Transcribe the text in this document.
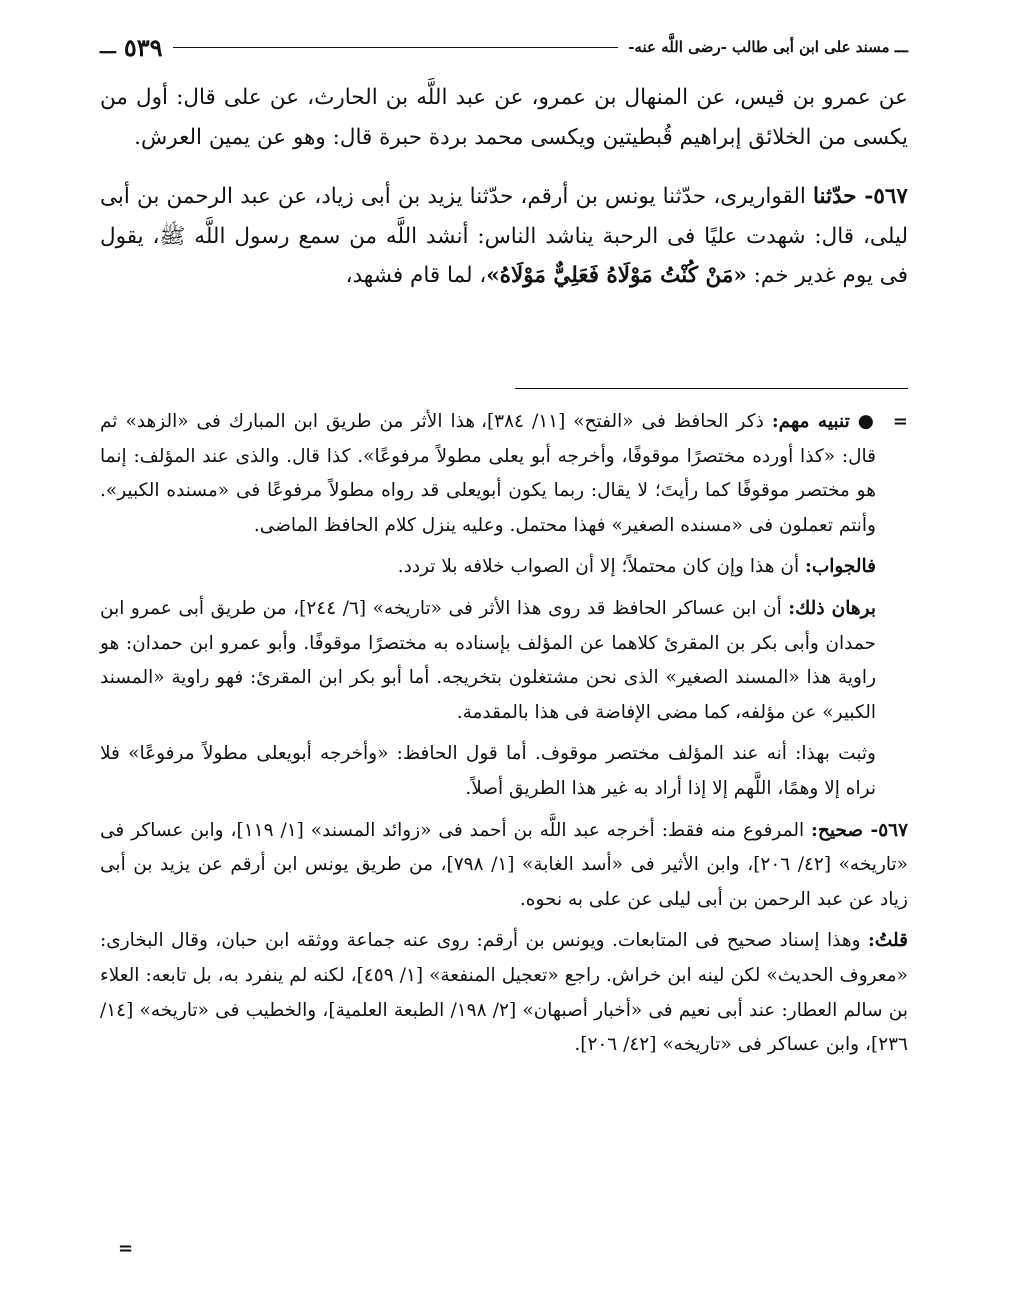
ـــ مسند على ابن أبى طالب -رضى اللَّه عنه-
٥٣٩
ـــ

عن عمرو بن قيس، عن المنهال بن عمرو، عن عبد اللَّه بن الحارث، عن على قال: أول من يكسى من الخلائق إبراهيم قُبطيتين ويكسى محمد بردة حبرة قال: وهو عن يمين العرش.

٥٦٧- حدّثنا القواريرى، حدّثنا يونس بن أرقم، حدّثنا يزيد بن أبى زياد، عن عبد الرحمن بن أبى ليلى، قال: شهدت عليًا فى الرحبة يناشد الناس: أنشد اللَّه من سمع رسول اللَّه ﷺ، يقول فى يوم غدير خم: «مَنْ كُنْتُ مَوْلَاهُ فَعَلِيٌّ مَوْلَاهُ»، لما قام فشهد،

=
● تنبيه مهم: ذكر الحافظ فى «الفتح» [١١/ ٣٨٤]، هذا الأثر من طريق ابن المبارك فى «الزهد» ثم قال: «كذا أورده مختصرًا موقوفًا، وأخرجه أبو يعلى مطولاً مرفوعًا». كذا قال. والذى عند المؤلف: إنما هو مختصر موقوفًا كما رأيتَ؛ لا يقال: ربما يكون أبويعلى قد رواه مطولاً مرفوعًا فى «مسنده الكبير». وأنتم تعملون فى «مسنده الصغير» فهذا محتمل. وعليه ينزل كلام الحافظ الماضى.

فالجواب: أن هذا وإن كان محتملاً؛ إلا أن الصواب خلافه بلا تردد.

برهان ذلك: أن ابن عساكر الحافظ قد روى هذا الأثر فى «تاريخه» [٦/ ٢٤٤]، من طريق أبى عمرو ابن حمدان وأبى بكر بن المقرئ كلاهما عن المؤلف بإسناده به مختصرًا موقوفًا. وأبو عمرو ابن حمدان: هو راوية هذا «المسند الصغير» الذى نحن مشتغلون بتخريجه. أما أبو بكر ابن المقرئ: فهو راوية «المسند الكبير» عن مؤلفه، كما مضى الإفاضة فى هذا بالمقدمة.

وثبت بهذا: أنه عند المؤلف مختصر موقوف. أما قول الحافظ: «وأخرجه أبويعلى مطولاً مرفوعًا» فلا نراه إلا وهمًا، اللَّهم إلا إذا أراد به غير هذا الطريق أصلاً.

٥٦٧- صحيح: المرفوع منه فقط: أخرجه عبد اللَّه بن أحمد فى «زوائد المسند» [١/ ١١٩]، وابن عساكر فى «تاريخه» [٤٢/ ٢٠٦]، وابن الأثير فى «أسد الغابة» [١/ ٧٩٨]، من طريق يونس ابن أرقم عن يزيد بن أبى زياد عن عبد الرحمن بن أبى ليلى عن على به نحوه.

قلتُ: وهذا إسناد صحيح فى المتابعات. ويونس بن أرقم: روى عنه جماعة ووثقه ابن حبان، وقال البخارى: «معروف الحديث» لكن لينه ابن خراش. راجع «تعجيل المنفعة» [١/ ٤٥٩]، لكنه لم ينفرد به، بل تابعه: العلاء بن سالم العطار: عند أبى نعيم فى «أخبار أصبهان» [٢/ ١٩٨/ الطبعة العلمية]، والخطيب فى «تاريخه» [١٤/ ٢٣٦]، وابن عساكر فى «تاريخه» [٤٢/ ٢٠٦].

=
